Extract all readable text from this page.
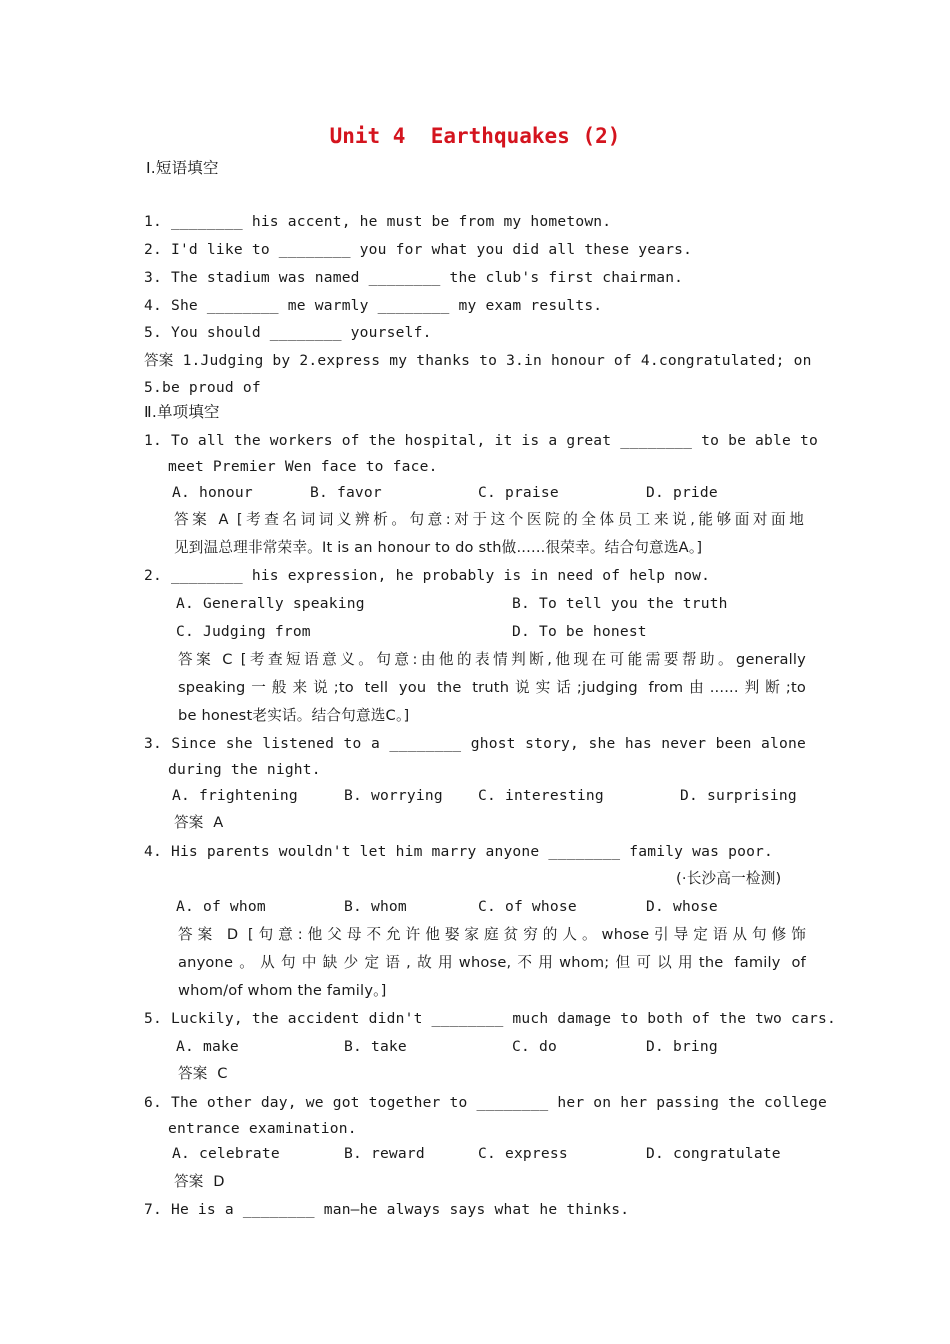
Unit 4  Earthquakes (2)
Ⅰ.短语填空
1. ________ his accent, he must be from my hometown.
2. I'd like to ________ you for what you did all these years.
3. The stadium was named ________ the club's first chairman.
4. She ________ me warmly ________ my exam results.
5. You should ________ yourself.
答案 1.Judging by 2.express my thanks to 3.in honour of 4.congratulated; on
5.be proud of
Ⅱ.单项填空
1. To all the workers of the hospital, it is a great ________ to be able to
meet Premier Wen face to face.
A. honour	B. favor	C. praise	D. pride
答案 A [考查名词词义辨析。句意:对于这个医院的全体员工来说,能够面对面地
见到温总理非常荣幸。It is an honour to do sth做......很荣幸。结合句意选A。]
2. ________ his expression, he probably is in need of help now.
A. Generally speaking	B. To tell you the truth
C. Judging from	D. To be honest
答案 C [考查短语意义。句意:由他的表情判断,他现在可能需要帮助。generally
speaking一般来说;to tell you the truth说实话;judging from由......判断;to
be honest老实话。结合句意选C。]
3. Since she listened to a ________ ghost story, she has never been alone
during the night.
A. frightening	B. worrying C. interesting	D. surprising
答案  A
4. His parents wouldn't let him marry anyone ________ family was poor.
(·长沙高一检测)
A. of whom	B. whom	C. of whose	D. whose
答案 D [句意:他父母不允许他娶家庭贫穷的人。whose引导定语从句修饰
anyone。从句中缺少定语,故用whose,不用whom;但可以用the family of
whom/of whom the family。]
5. Luckily, the accident didn't ________ much damage to both of the two cars.
A. make	B. take	C. do	D. bring
答案  C
6. The other day, we got together to ________ her on her passing the college
entrance examination.
A. celebrate	B. reward	C. express	D. congratulate
答案  D
7. He is a ________ man—he always says what he thinks.
